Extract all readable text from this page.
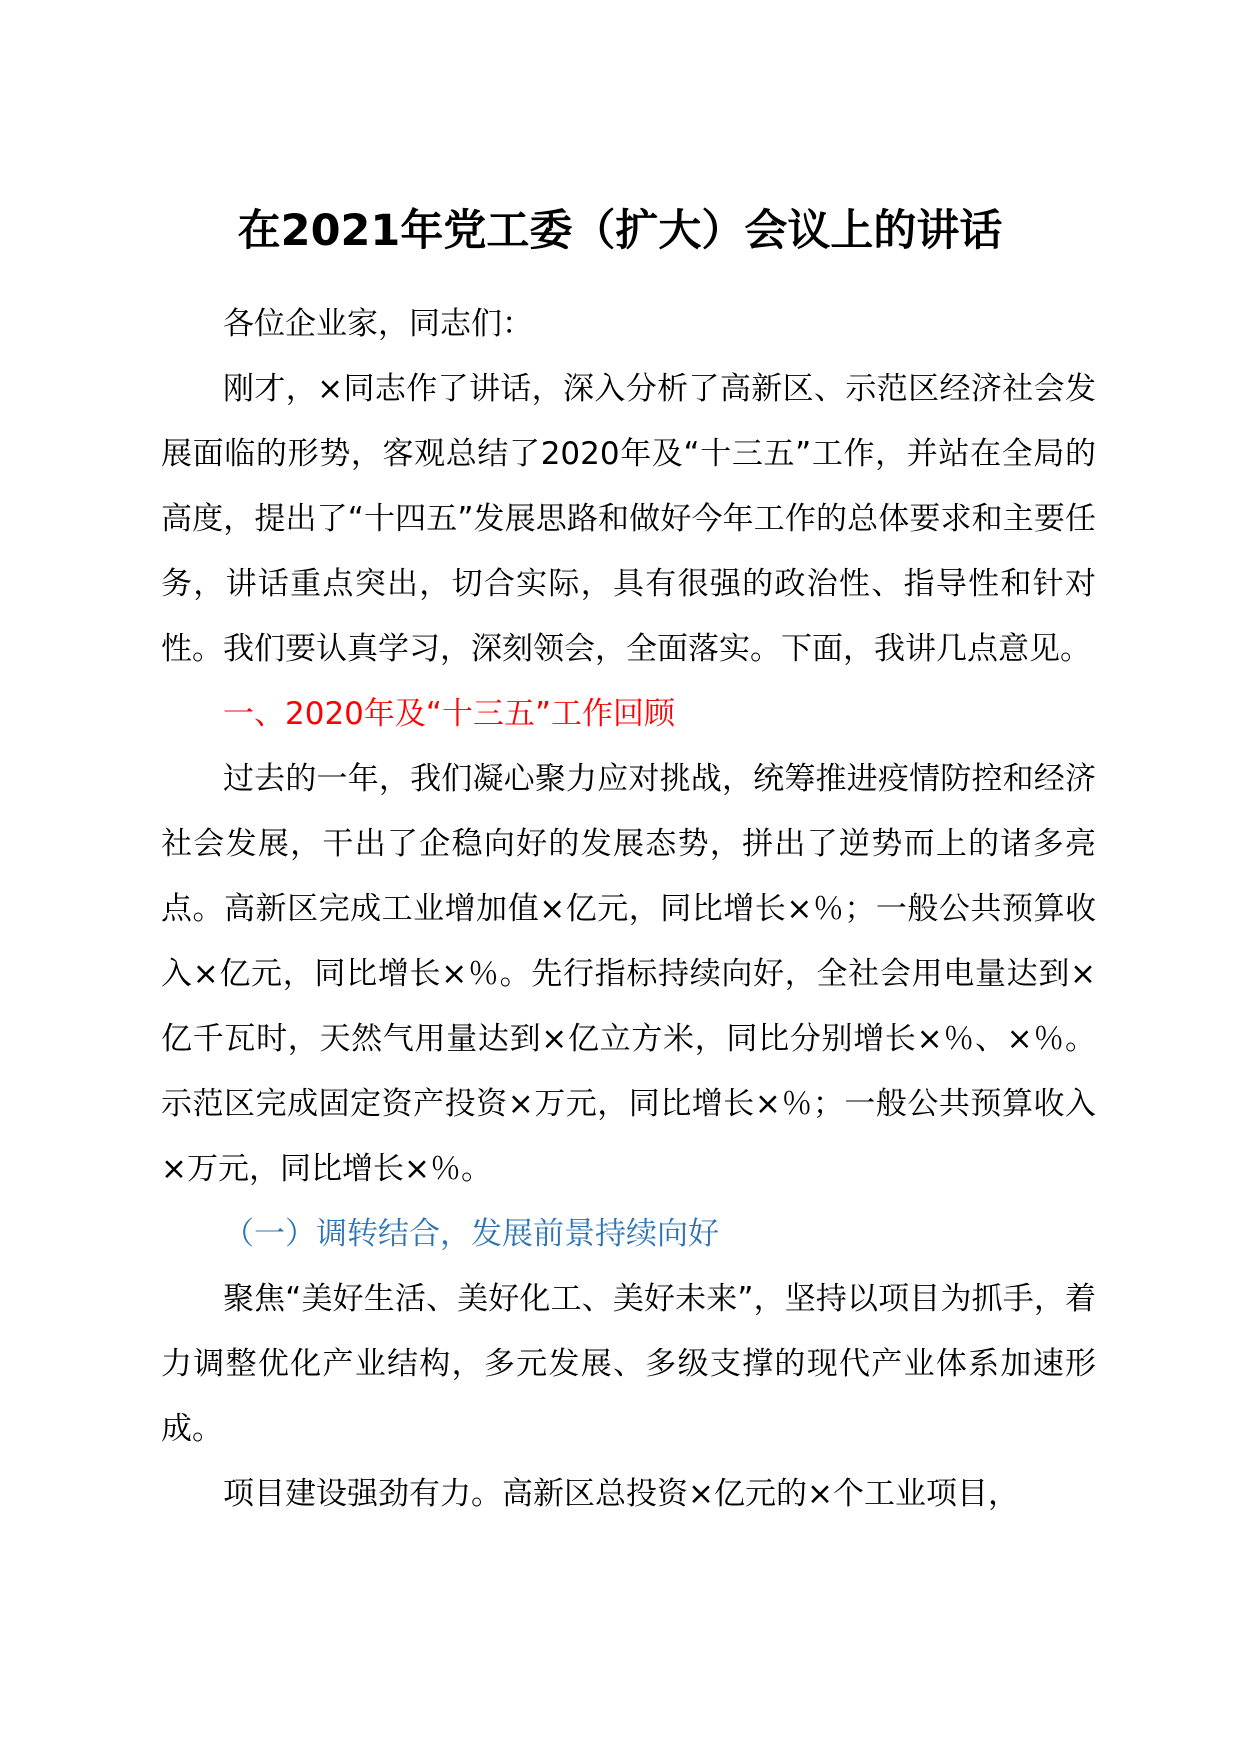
在2021年党工委（扩大）会议上的讲话

各位企业家，同志们：

刚才，×同志作了讲话，深入分析了高新区、示范区经济社会发展面临的形势，客观总结了2020年及“十三五”工作，并站在全局的高度，提出了“十四五”发展思路和做好今年工作的总体要求和主要任务，讲话重点突出，切合实际，具有很强的政治性、指导性和针对性。我们要认真学习，深刻领会，全面落实。下面，我讲几点意见。

一、2020年及“十三五”工作回顾

过去的一年，我们凝心聚力应对挑战，统筹推进疫情防控和经济社会发展，干出了企稳向好的发展态势，拼出了逆势而上的诸多亮点。高新区完成工业增加值×亿元，同比增长×％；一般公共预算收入×亿元，同比增长×％。先行指标持续向好，全社会用电量达到×亿千瓦时，天然气用量达到×亿立方米，同比分别增长×％、×％。示范区完成固定资产投资×万元，同比增长×％；一般公共预算收入×万元，同比增长×％。

（一）调转结合，发展前景持续向好

聚焦“美好生活、美好化工、美好未来”，坚持以项目为抓手，着力调整优化产业结构，多元发展、多级支撑的现代产业体系加速形成。

项目建设强劲有力。高新区总投资×亿元的×个工业项目，
